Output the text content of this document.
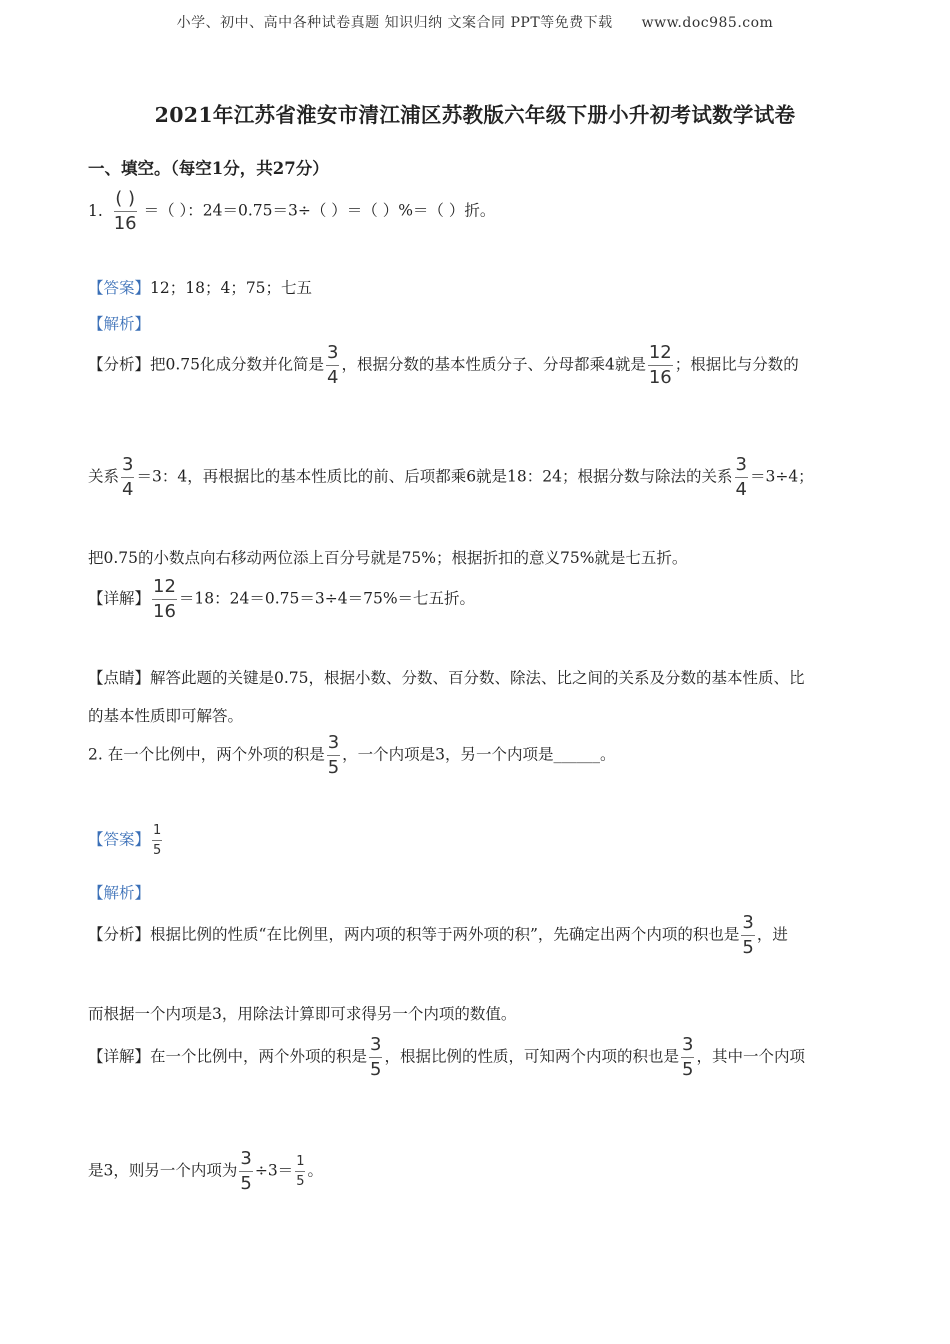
小学、初中、高中各种试卷真题 知识归纳 文案合同 PPT等免费下载 www.doc985.com
2021年江苏省淮安市清江浦区苏教版六年级下册小升初考试数学试卷
一、填空。（每空1分，共27分）
1. $\frac{( )}{16}$ ＝（ ）：24＝0.75＝3÷（ ）＝（ ）%＝（ ）折。
【答案】12；18；4；75；七五
【解析】
【分析】把0.75化成分数并化简是 $\frac{3}{4}$ ，根据分数的基本性质分子、分母都乘4就是 $\frac{12}{16}$ ；根据比与分数的
关系 $\frac{3}{4} =3$：4，再根据比的基本性质比的前、后项都乘6就是18：24；根据分数与除法的关系 $\frac{3}{4} =3\div 4$；
把0.75的小数点向右移动两位添上百分号就是75%；根据折扣的意义75%就是七五折。
【详解】 $\frac{12}{16} =18$：24＝0.75＝3÷4＝75%＝七五折。
【点睛】解答此题的关键是0.75，根据小数、分数、百分数、除法、比之间的关系及分数的基本性质、比
的基本性质即可解答。
2. 在一个比例中，两个外项的积是 $\frac{3}{5}$ ，一个内项是3，另一个内项是______。
【答案】 $\frac{1}{5}$
【解析】
【分析】根据比例的性质“在比例里，两内项的积等于两外项的积”，先确定出两个内项的积也是 $\frac{3}{5}$ ，进
而根据一个内项是3，用除法计算即可求得另一个内项的数值。
【详解】在一个比例中，两个外项的积是 $\frac{3}{5}$ ，根据比例的性质，可知两个内项的积也是 $\frac{3}{5}$ ，其中一个内项
是3，则另一个内项为 $\frac{3}{5} \div 3= \frac{1}{5}$ 。
